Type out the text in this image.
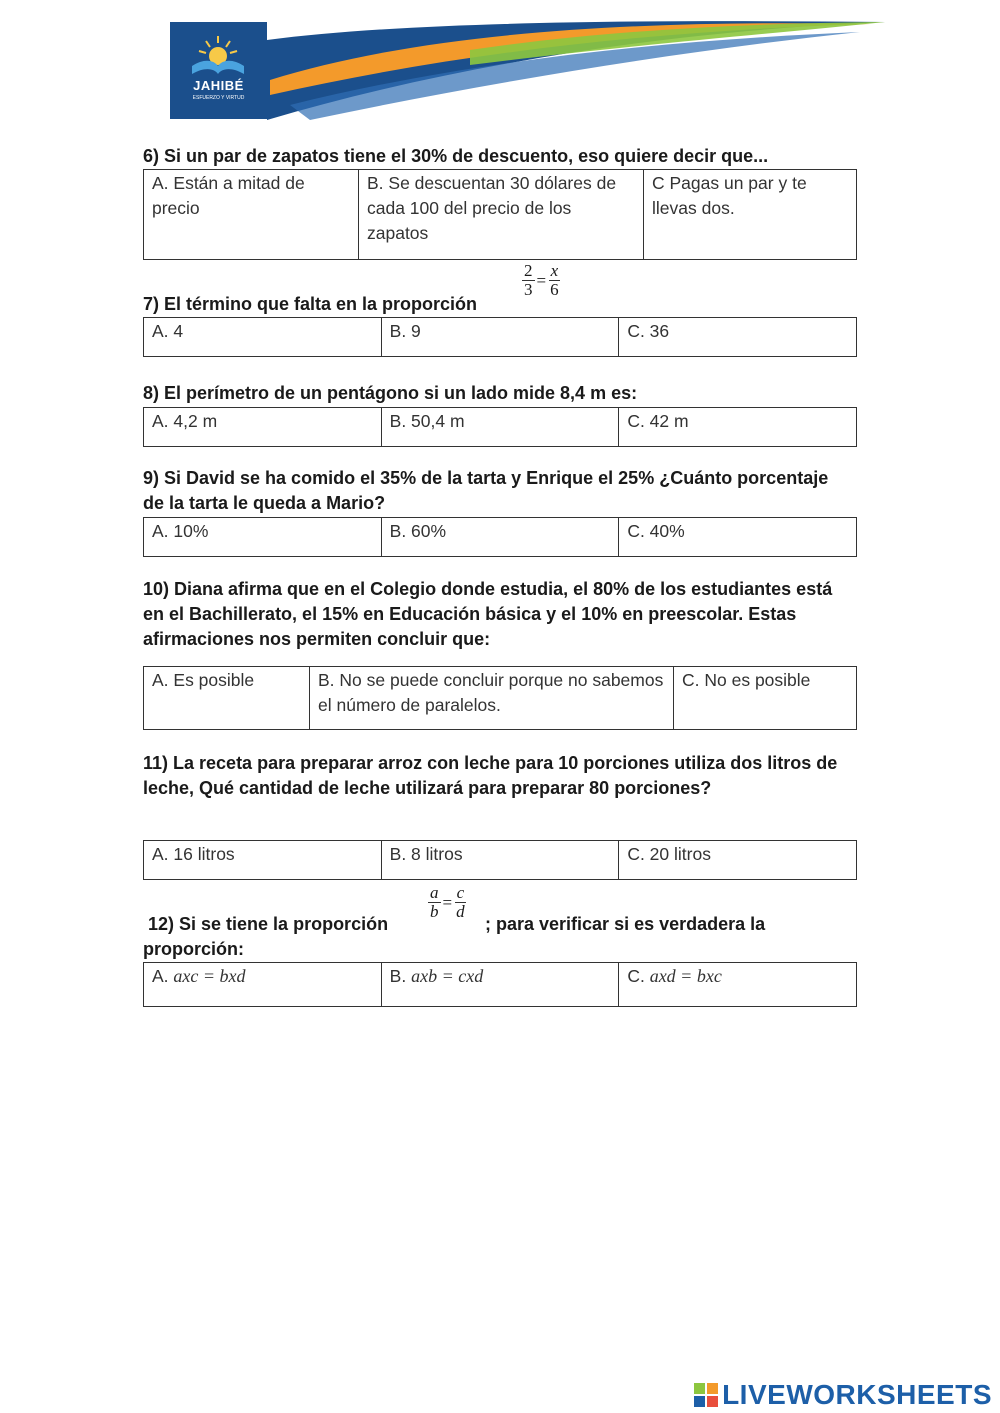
JAHIBÉ
ESFUERZO Y VIRTUD

6) Si un par de zapatos tiene el 30% de descuento, eso quiere decir que...

A. Están a mitad de precio	B. Se descuentan 30 dólares de cada 100 del precio de los zapatos	C Pagas un par y te llevas dos.

7) El término que falta en la proporción

$\frac{2}{3} = \frac{x}{6}$
A. 4	B. 9	C. 36

8) El perímetro de un pentágono si un lado mide 8,4 m es:

A. 4,2 m	B. 50,4 m	C. 42 m

9) Si David se ha comido el 35% de la tarta y Enrique el 25% ¿Cuánto porcentaje de la tarta le queda a Mario?

A. 10%	B. 60%	C. 40%

10) Diana afirma que en el Colegio donde estudia, el 80% de los estudiantes está en el Bachillerato, el 15% en Educación básica y el 10% en preescolar. Estas afirmaciones nos permiten concluir que:

A. Es posible	B. No se puede concluir porque no sabemos el número de paralelos.	C. No es posible

11) La receta para preparar arroz con leche para 10 porciones utiliza dos litros de leche, Qué cantidad de leche utilizará para preparar 80 porciones?

A. 16 litros	B. 8 litros	C. 20 litros

12) Si se tiene la proporción

$\frac{a}{b} = \frac{c}{d}$

; para verificar si es verdadera la

proporción:

A. axc = bxd	B. axb = cxd	C. axd = bxc
LIVEWORKSHEETS
